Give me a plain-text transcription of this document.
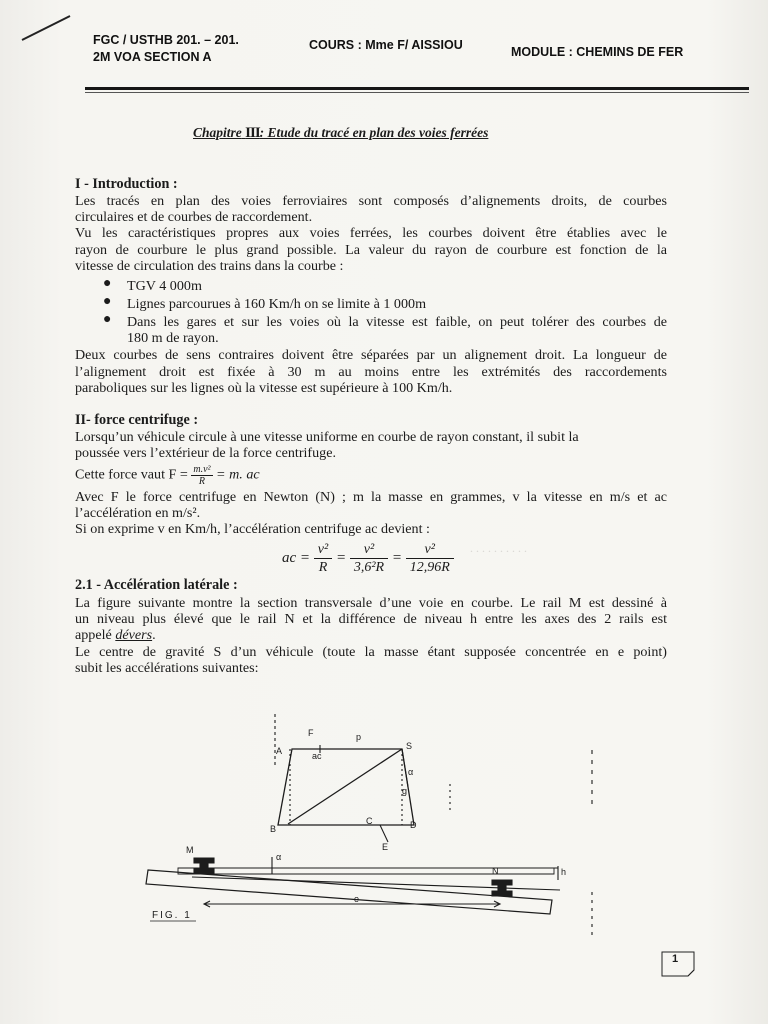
FGC / USTHB 201. – 201.
2M VOA SECTION A
COURS : Mme F/ AISSIOU	MODULE : CHEMINS DE FER
Chapitre III: Etude du tracé en plan des voies ferrées
. . . . . . . . . .
I - Introduction :
Les tracés en plan des voies ferroviaires sont composés d’alignements droits, de courbes
circulaires et de courbes de raccordement.
Vu les caractéristiques propres aux voies ferrées, les courbes doivent être établies avec le
rayon de courbure le plus grand possible. La valeur du rayon de courbure est fonction de la
vitesse de circulation des trains dans la courbe :
● TGV 4 000m
● Lignes parcourues à 160 Km/h on se limite à 1 000m
● Dans les gares et sur les voies où la vitesse est faible, on peut tolérer des courbes de
180 m de rayon.
Deux courbes de sens contraires doivent être séparées par un alignement droit. La longueur de
l’alignement droit est fixée à 30 m au moins entre les extrémités des raccordements
paraboliques sur les lignes où la vitesse est supérieure à 100 Km/h.
II- force centrifuge :
Lorsqu’un véhicule circule à une vitesse uniforme en courbe de rayon constant, il subit la
poussée vers l’extérieur de la force centrifuge.
Cette force vaut $F = \frac{\text{m.v²}}{R} = m$. ac
Avec F le force centrifuge en Newton (N) ; m la masse en grammes, v la vitesse en m/s et ac
l’accélération en m/s².
Si on exprime v en Km/h, l’accélération centrifuge ac devient :
ac = $\frac{\text{v²}}{R} = \frac{\text{v²}}{\text{3,6²R}} = \frac{\text{v²}}{12,96R}$
2.1 - Accélération latérale :
La figure suivante montre la section transversale d’une voie en courbe. Le rail M est dessiné à
un niveau plus élevé que le rail N et la différence de niveau h entre les axes des 2 rails est
appelé dévers.
Le centre de gravité S d’un véhicule (toute la masse étant supposée concentrée en e point)
subit les accélérations suivantes:
A
F	p
S
ac
α
g
B
C	D
E
α
M
N	h
e
FIG. 1
1
